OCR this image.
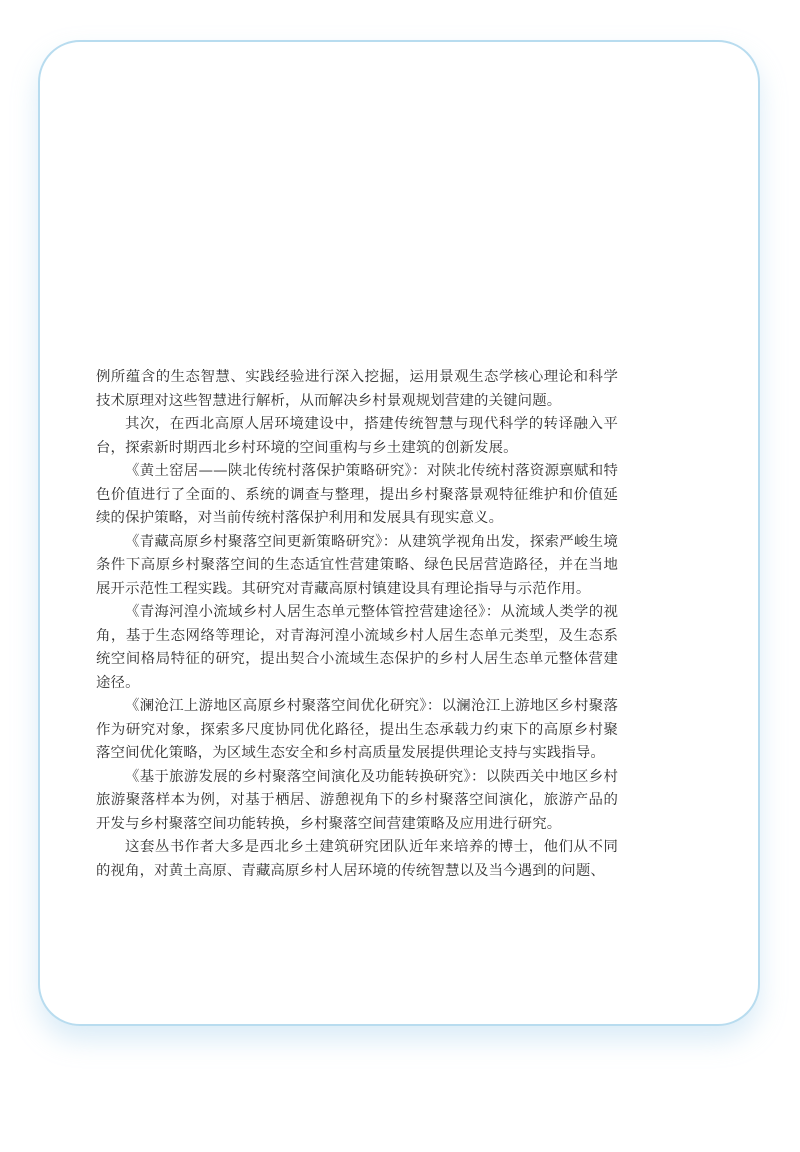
例所蕴含的生态智慧、实践经验进行深入挖掘，运用景观生态学核心理论和科学技术原理对这些智慧进行解析，从而解决乡村景观规划营建的关键问题。

其次，在西北高原人居环境建设中，搭建传统智慧与现代科学的转译融入平台，探索新时期西北乡村环境的空间重构与乡土建筑的创新发展。

《黄土窑居——陕北传统村落保护策略研究》：对陕北传统村落资源禀赋和特色价值进行了全面的、系统的调查与整理，提出乡村聚落景观特征维护和价值延续的保护策略，对当前传统村落保护利用和发展具有现实意义。

《青藏高原乡村聚落空间更新策略研究》：从建筑学视角出发，探索严峻生境条件下高原乡村聚落空间的生态适宜性营建策略、绿色民居营造路径，并在当地展开示范性工程实践。其研究对青藏高原村镇建设具有理论指导与示范作用。

《青海河湟小流域乡村人居生态单元整体管控营建途径》：从流域人类学的视角，基于生态网络等理论，对青海河湟小流域乡村人居生态单元类型，及生态系统空间格局特征的研究，提出契合小流域生态保护的乡村人居生态单元整体营建途径。

《澜沧江上游地区高原乡村聚落空间优化研究》：以澜沧江上游地区乡村聚落作为研究对象，探索多尺度协同优化路径，提出生态承载力约束下的高原乡村聚落空间优化策略，为区域生态安全和乡村高质量发展提供理论支持与实践指导。

《基于旅游发展的乡村聚落空间演化及功能转换研究》：以陕西关中地区乡村旅游聚落样本为例，对基于栖居、游憩视角下的乡村聚落空间演化，旅游产品的开发与乡村聚落空间功能转换，乡村聚落空间营建策略及应用进行研究。

这套丛书作者大多是西北乡土建筑研究团队近年来培养的博士，他们从不同的视角，对黄土高原、青藏高原乡村人居环境的传统智慧以及当今遇到的问题、
